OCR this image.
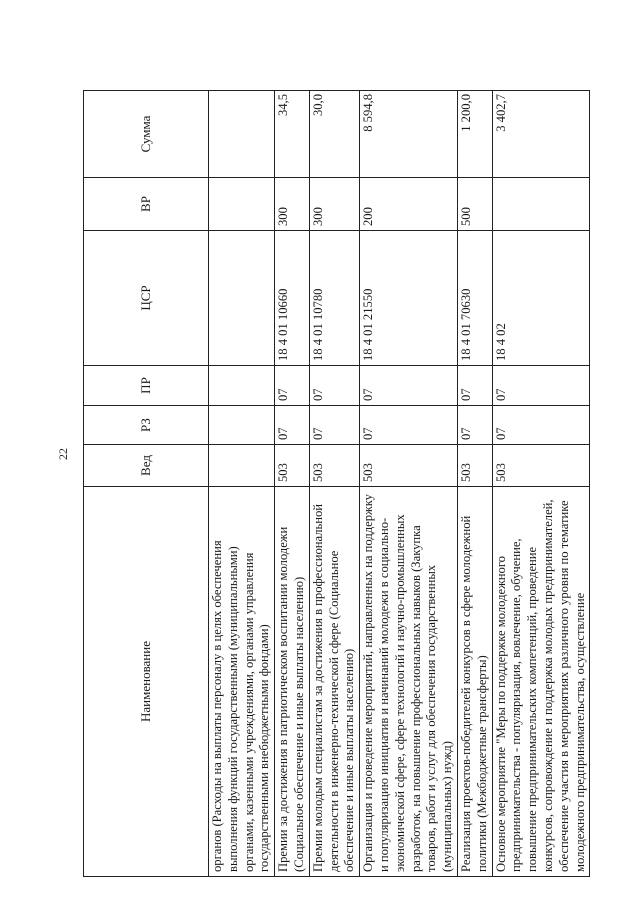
22
Наименование	Вед	РЗ	ПР	ЦСР	ВР	Сумма
органов (Расходы на выплаты персоналу в целях обеспечения выполнения функций государственными (муниципальными) органами, казенными учреждениями, органами управления государственными внебюджетными фондами)						
Премии за достижения в патриотическом воспитании молодежи (Социальное обеспечение и иные выплаты населению)	503	07	07	18 4 01 10660	300	34,5
Премии молодым специалистам за достижения в профессиональной деятельности в инженерно-технической сфере (Социальное обеспечение и иные выплаты населению)	503	07	07	18 4 01 10780	300	30,0
Организация и проведение мероприятий, направленных на поддержку и популяризацию инициатив и начинаний молодежи в социально-экономической сфере, сфере технологий и научно-промышленных разработок, на повышение профессиональных навыков (Закупка товаров, работ и услуг для обеспечения государственных (муниципальных) нужд)	503	07	07	18 4 01 21550	200	8 594,8
Реализация проектов-победителей конкурсов в сфере молодежной политики (Межбюджетные трансферты)	503	07	07	18 4 01 70630	500	1 200,0
Основное мероприятие "Меры по поддержке молодежного предпринимательства - популяризация, вовлечение, обучение, повышение предпринимательских компетенций, проведение конкурсов, сопровождение и поддержка молодых предпринимателей, обеспечение участия в мероприятиях различного уровня по тематике молодежного предпринимательства, осуществление	503	07	07	18 4 02		3 402,7
